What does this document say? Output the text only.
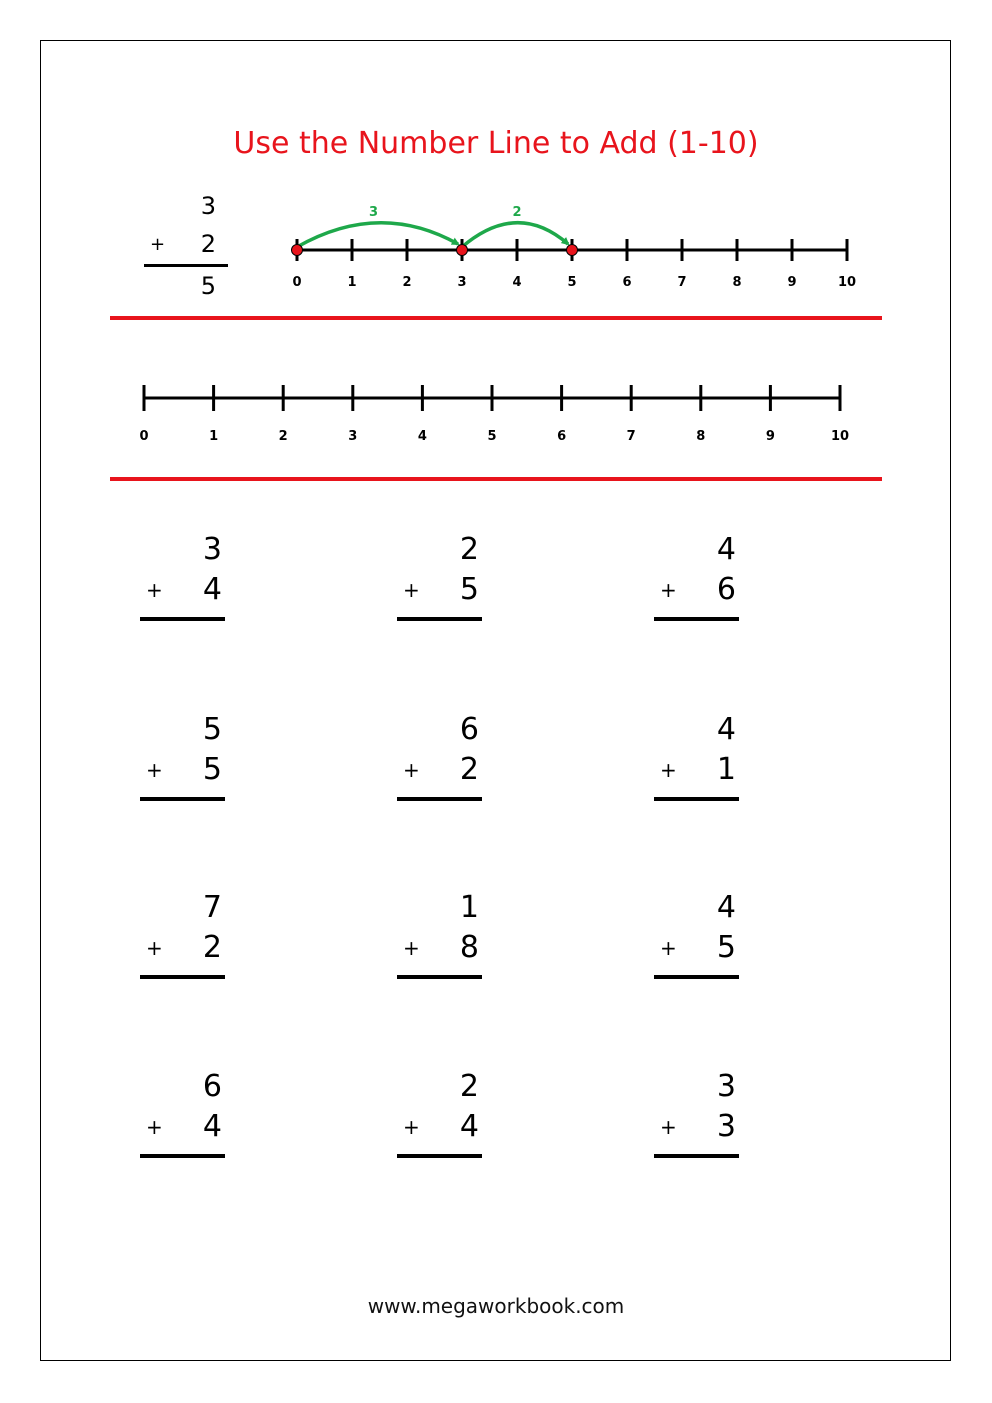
Use the Number Line to Add (1-10)
3
+	2
5	0	1	2	3	4	5	6	7	8	9	10
3	2
0	1	2	3	4	5	6	7	8	9	10
3
+	4
2
+	5
4
+	6
5
+	5
6
+	2
4
+	1
7
+	2
1
+	8
4
+	5
6
+	4
2
+	4
3
+	3
www.megaworkbook.com
